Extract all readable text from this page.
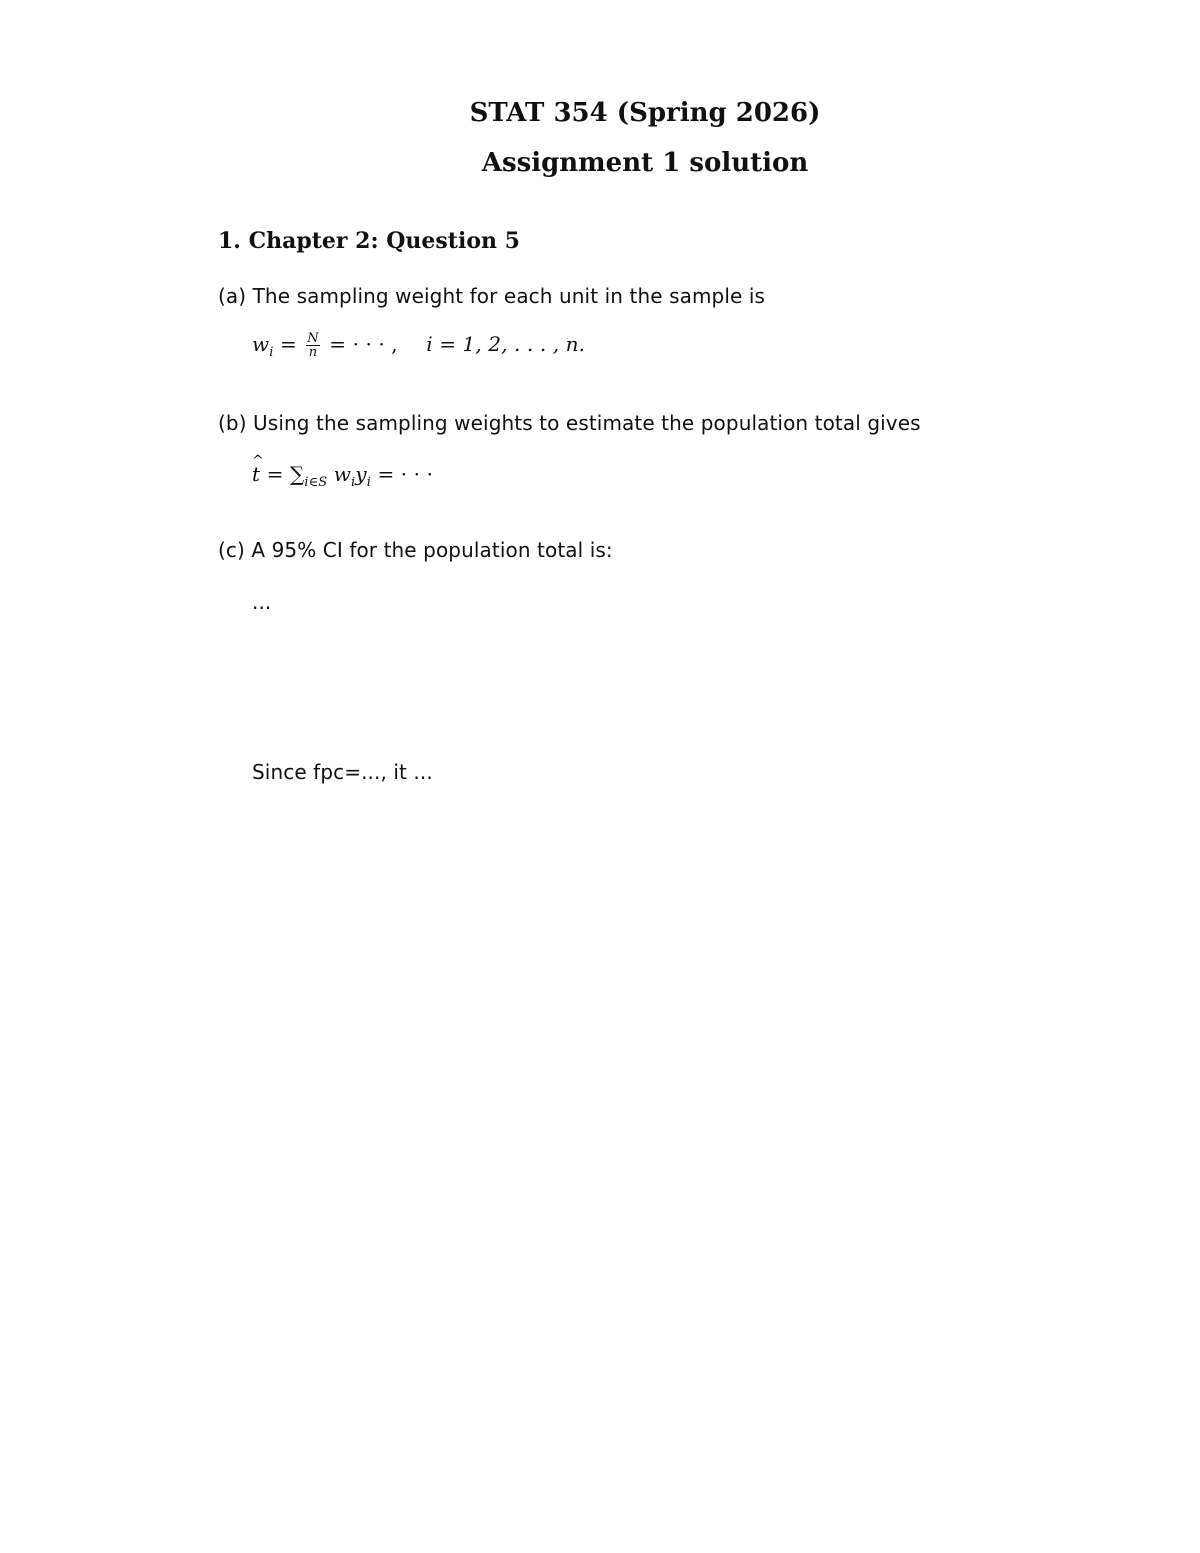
STAT 354 (Spring 2026)
Assignment 1 solution
1. Chapter 2: Question 5
(a) The sampling weight for each unit in the sample is
$w_i = \frac{N}{n}$ = · · · , i = 1, 2, . . . , n.
(b) Using the sampling weights to estimate the population total gives
^ $t = \sum_{i\in S}$ $w_iy_i$ = · · ·
(c) A 95% CI for the population total is:
...
Since fpc=..., it ...
